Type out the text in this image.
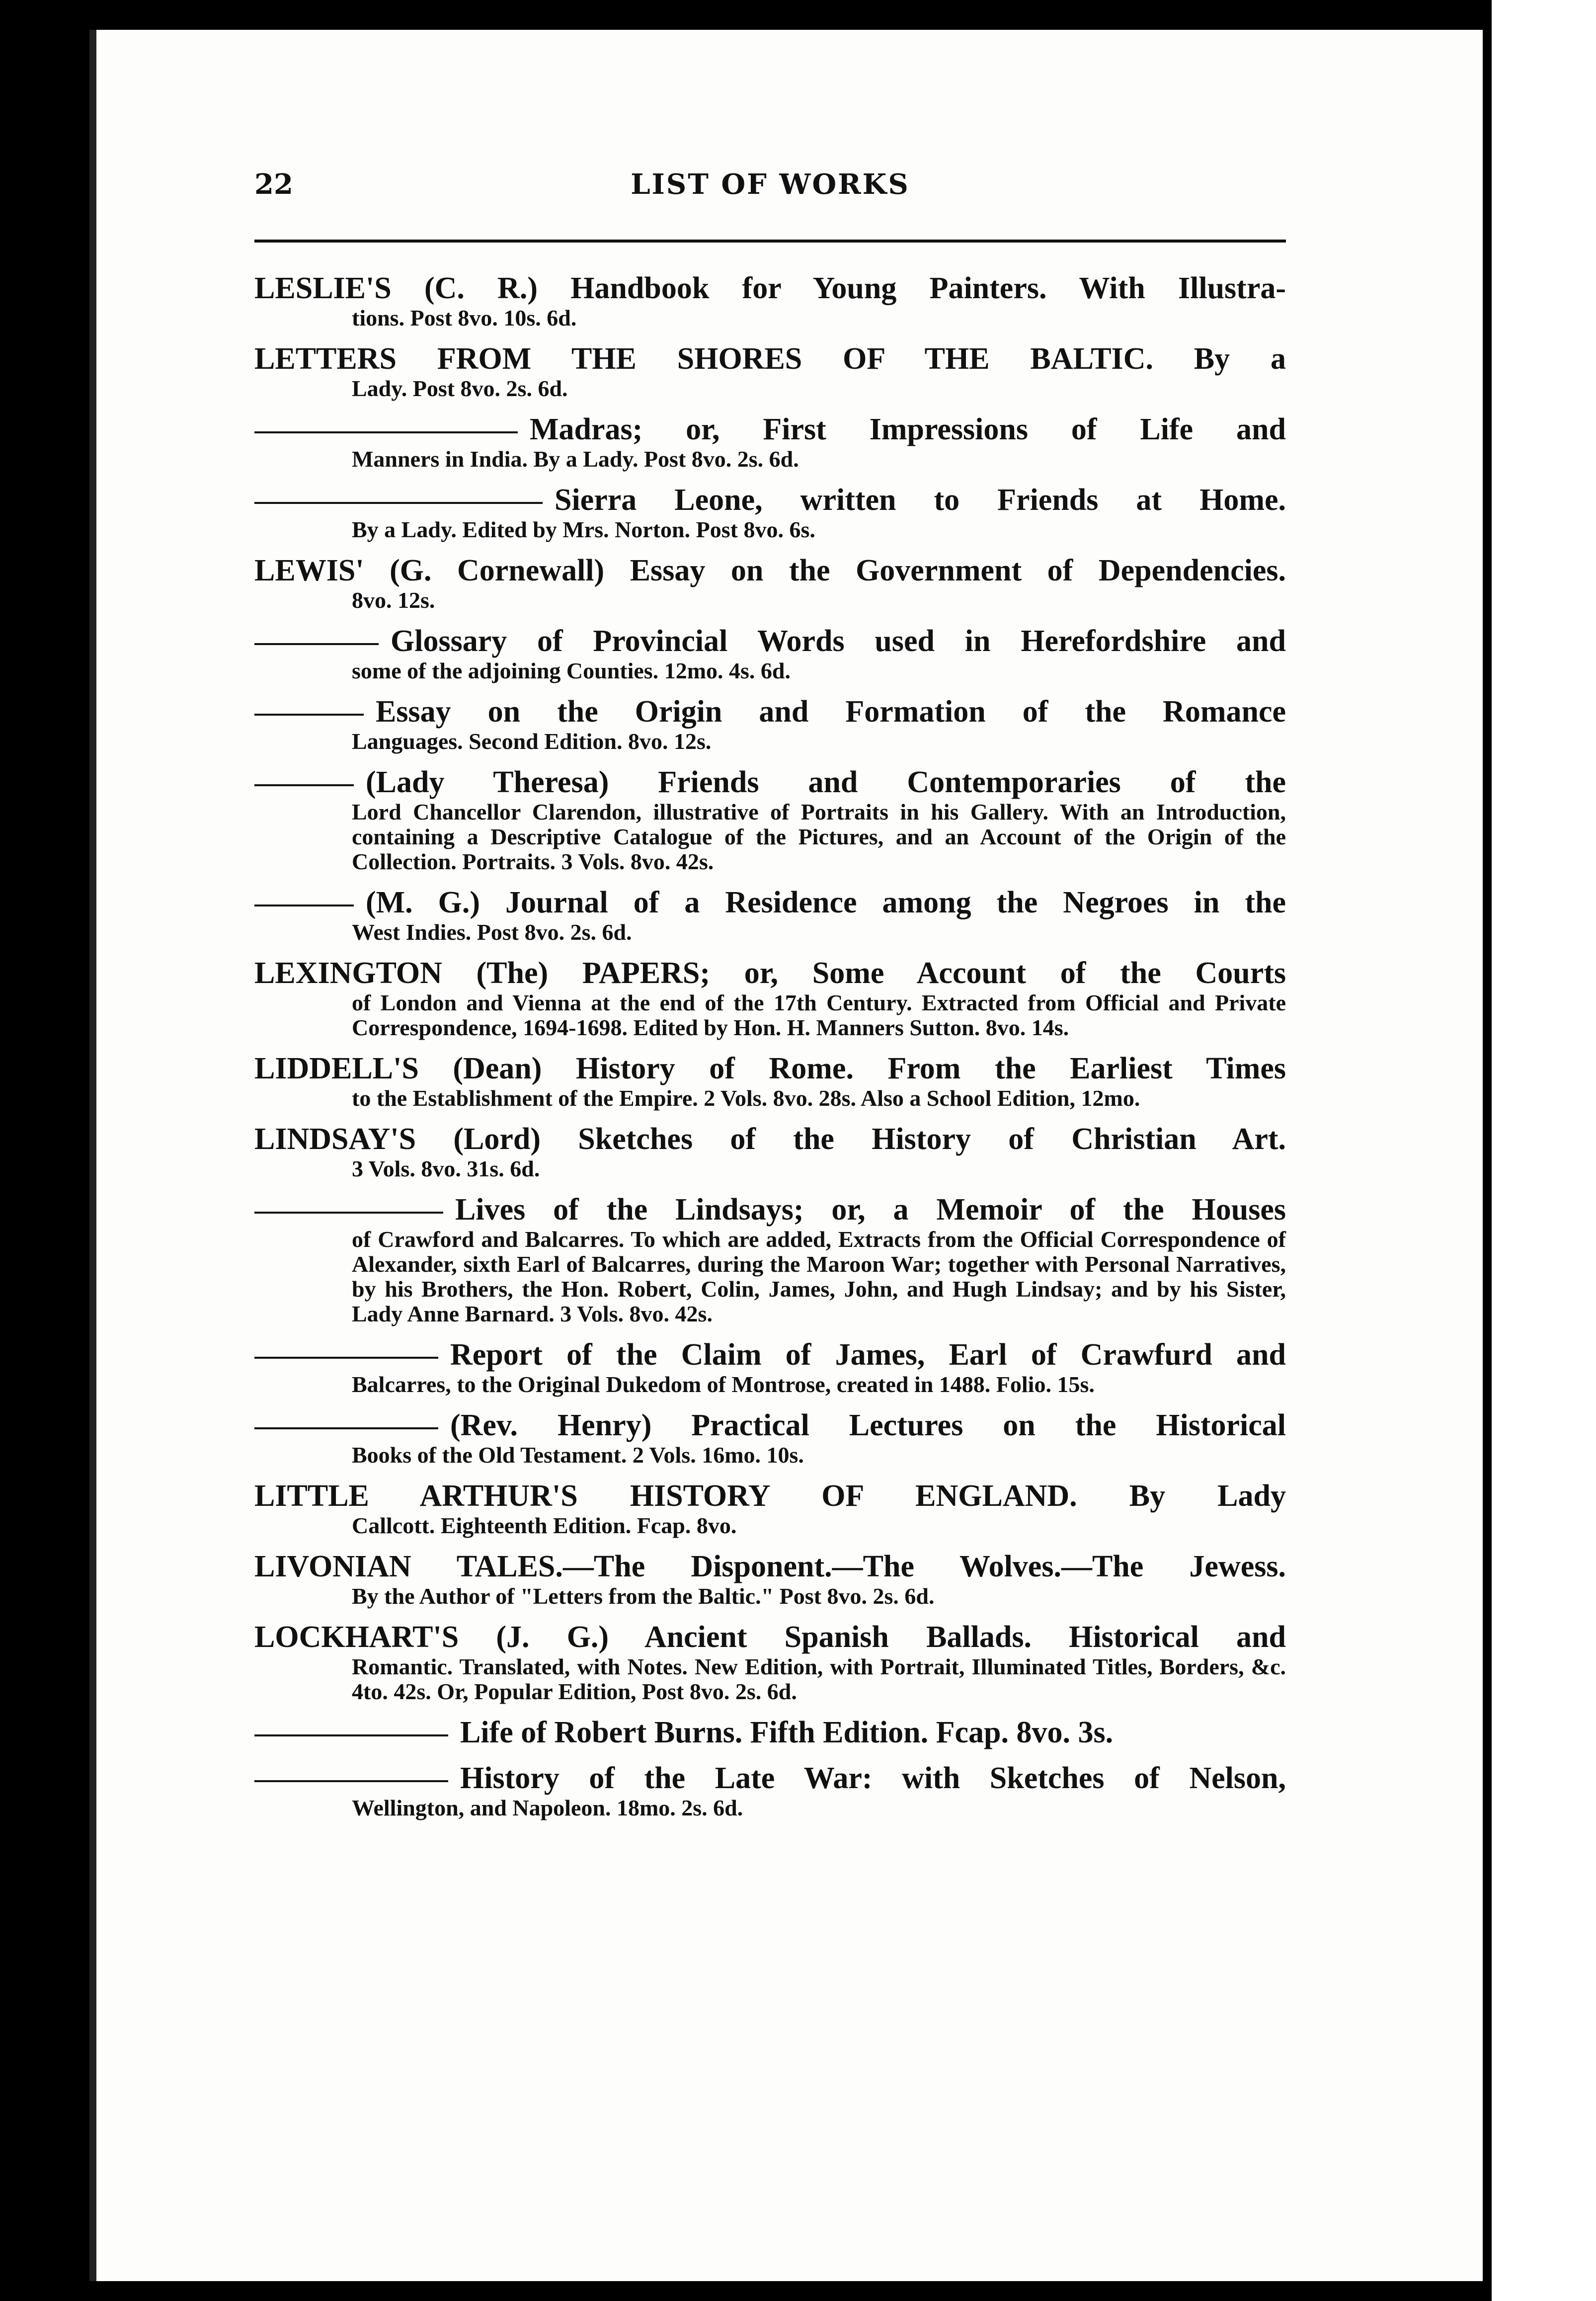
22	LIST OF WORKS
LESLIE'S (C. R.) Handbook for Young Painters. With Illustra-
tions. Post 8vo. 10s. 6d.
LETTERS FROM THE SHORES OF THE BALTIC. By a
Lady. Post 8vo. 2s. 6d.
Madras; or, First Impressions of Life and
Manners in India. By a Lady. Post 8vo. 2s. 6d.
Sierra Leone, written to Friends at Home.
By a Lady. Edited by Mrs. Norton. Post 8vo. 6s.
LEWIS' (G. Cornewall) Essay on the Government of Dependencies.
8vo. 12s.
Glossary of Provincial Words used in Herefordshire and
some of the adjoining Counties. 12mo. 4s. 6d.
Essay on the Origin and Formation of the Romance
Languages. Second Edition. 8vo. 12s.
(Lady Theresa) Friends and Contemporaries of the
Lord Chancellor Clarendon, illustrative of Portraits in his Gallery. With an Introduction, containing a Descriptive Catalogue of the Pictures, and an Account of the Origin of the Collection. Portraits. 3 Vols. 8vo. 42s.
(M. G.) Journal of a Residence among the Negroes in the
West Indies. Post 8vo. 2s. 6d.
LEXINGTON (The) PAPERS; or, Some Account of the Courts
of London and Vienna at the end of the 17th Century. Extracted from Official and Private Correspondence, 1694-1698. Edited by Hon. H. Manners Sutton. 8vo. 14s.
LIDDELL'S (Dean) History of Rome. From the Earliest Times
to the Establishment of the Empire. 2 Vols. 8vo. 28s. Also a School Edition, 12mo.
LINDSAY'S (Lord) Sketches of the History of Christian Art.
3 Vols. 8vo. 31s. 6d.
Lives of the Lindsays; or, a Memoir of the Houses
of Crawford and Balcarres. To which are added, Extracts from the Official Correspondence of Alexander, sixth Earl of Balcarres, during the Maroon War; together with Personal Narratives, by his Brothers, the Hon. Robert, Colin, James, John, and Hugh Lindsay; and by his Sister, Lady Anne Barnard. 3 Vols. 8vo. 42s.
Report of the Claim of James, Earl of Crawfurd and
Balcarres, to the Original Dukedom of Montrose, created in 1488. Folio. 15s.
(Rev. Henry) Practical Lectures on the Historical
Books of the Old Testament. 2 Vols. 16mo. 10s.
LITTLE ARTHUR'S HISTORY OF ENGLAND. By Lady
Callcott. Eighteenth Edition. Fcap. 8vo.
LIVONIAN TALES.—The Disponent.—The Wolves.—The Jewess.
By the Author of "Letters from the Baltic." Post 8vo. 2s. 6d.
LOCKHART'S (J. G.) Ancient Spanish Ballads. Historical and
Romantic. Translated, with Notes. New Edition, with Portrait, Illuminated Titles, Borders, &c. 4to. 42s. Or, Popular Edition, Post 8vo. 2s. 6d.
Life of Robert Burns. Fifth Edition. Fcap. 8vo. 3s.
History of the Late War: with Sketches of Nelson,
Wellington, and Napoleon. 18mo. 2s. 6d.
